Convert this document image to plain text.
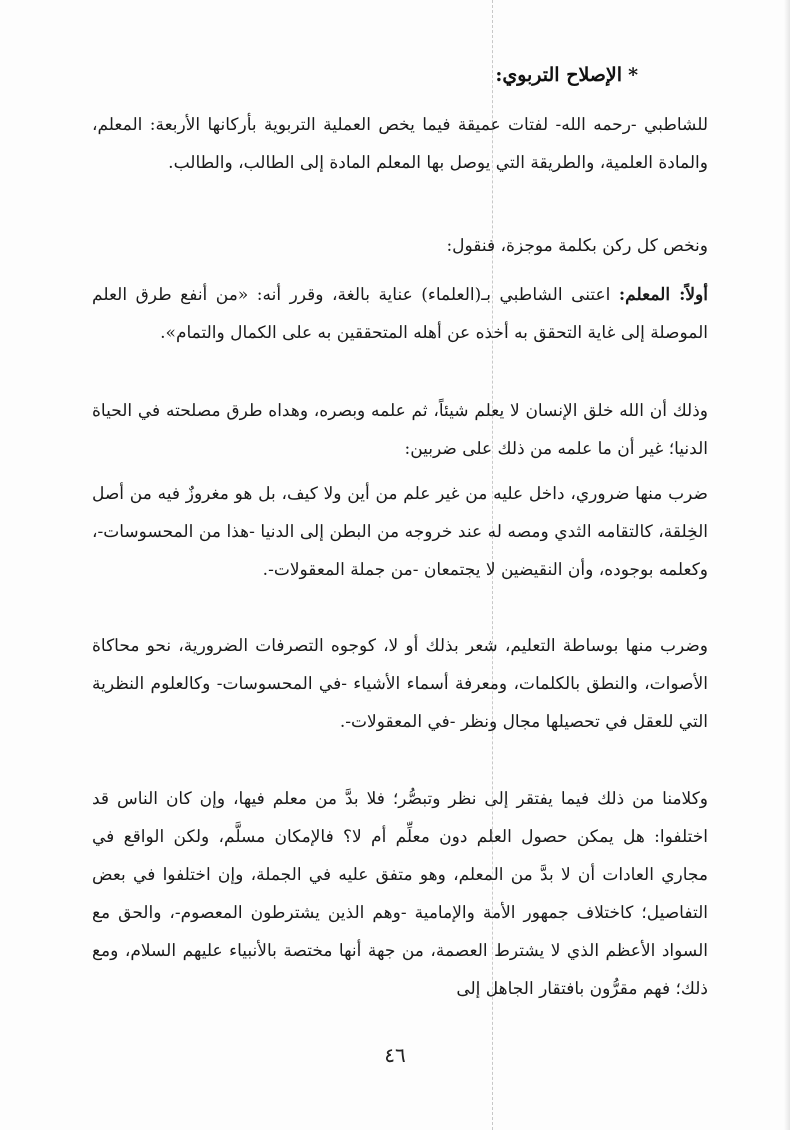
*الإصلاح التربوي:

للشاطبي -رحمه الله- لفتات عميقة فيما يخص العملية التربوية بأركانها الأربعة: المعلم، والمادة العلمية، والطريقة التي يوصل بها المعلم المادة إلى الطالب، والطالب.

ونخص كل ركن بكلمة موجزة، فنقول:

أولاً: المعلم: اعتنى الشاطبي بـ(العلماء) عناية بالغة، وقرر أنه: «من أنفع طرق العلم الموصلة إلى غاية التحقق به أخذه عن أهله المتحققين به على الكمال والتمام».

وذلك أن الله خلق الإنسان لا يعلم شيئاً، ثم علمه وبصره، وهداه طرق مصلحته في الحياة الدنيا؛ غير أن ما علمه من ذلك على ضربين:

ضرب منها ضروري، داخل عليه من غير علم من أين ولا كيف، بل هو مغروزٌ فيه من أصل الخِلقة، كالتقامه الثدي ومصه له عند خروجه من البطن إلى الدنيا -هذا من المحسوسات-، وكعلمه بوجوده، وأن النقيضين لا يجتمعان -من جملة المعقولات-.

وضرب منها بوساطة التعليم، شعر بذلك أو لا، كوجوه التصرفات الضرورية، نحو محاكاة الأصوات، والنطق بالكلمات، ومعرفة أسماء الأشياء -في المحسوسات- وكالعلوم النظرية التي للعقل في تحصيلها مجال ونظر -في المعقولات-.

وكلامنا من ذلك فيما يفتقر إلى نظر وتبصُّر؛ فلا بدَّ من معلم فيها، وإن كان الناس قد اختلفوا: هل يمكن حصول العلم دون معلِّم أم لا؟ فالإمكان مسلَّم، ولكن الواقع في مجاري العادات أن لا بدَّ من المعلم، وهو متفق عليه في الجملة، وإن اختلفوا في بعض التفاصيل؛ كاختلاف جمهور الأمة والإمامية -وهم الذين يشترطون المعصوم-، والحق مع السواد الأعظم الذي لا يشترط العصمة، من جهة أنها مختصة بالأنبياء عليهم السلام، ومع ذلك؛ فهم مقرُّون بافتقار الجاهل إلى

٤٦
